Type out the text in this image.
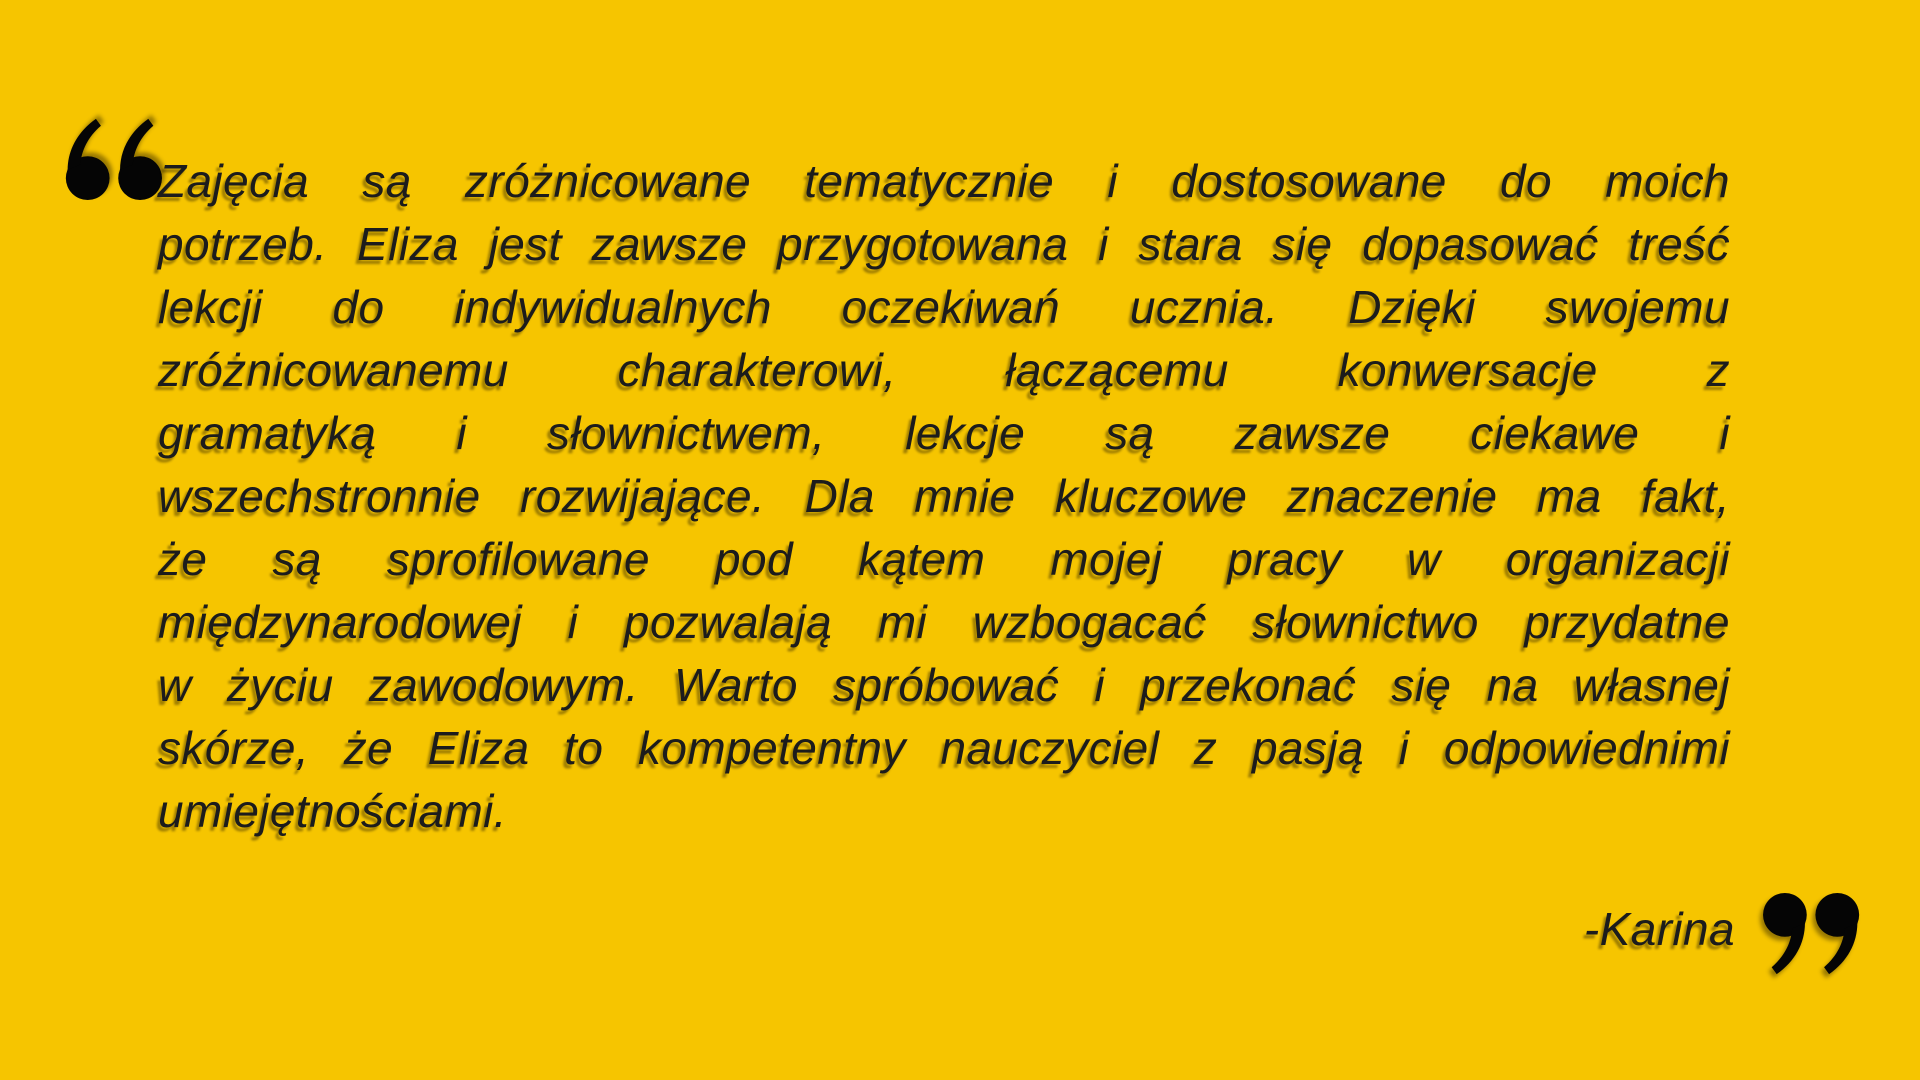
Zajęcia są zróżnicowane tematycznie i dostosowane do moich
potrzeb. Eliza jest zawsze przygotowana i stara się dopasować treść
lekcji do indywidualnych oczekiwań ucznia. Dzięki swojemu
zróżnicowanemu charakterowi, łączącemu konwersacje z
gramatyką i słownictwem, lekcje są zawsze ciekawe i
wszechstronnie rozwijające. Dla mnie kluczowe znaczenie ma fakt,
że są sprofilowane pod kątem mojej pracy w organizacji
międzynarodowej i pozwalają mi wzbogacać słownictwo przydatne
w życiu zawodowym. Warto spróbować i przekonać się na własnej
skórze, że Eliza to kompetentny nauczyciel z pasją i odpowiednimi
umiejętnościami.
-Karina
